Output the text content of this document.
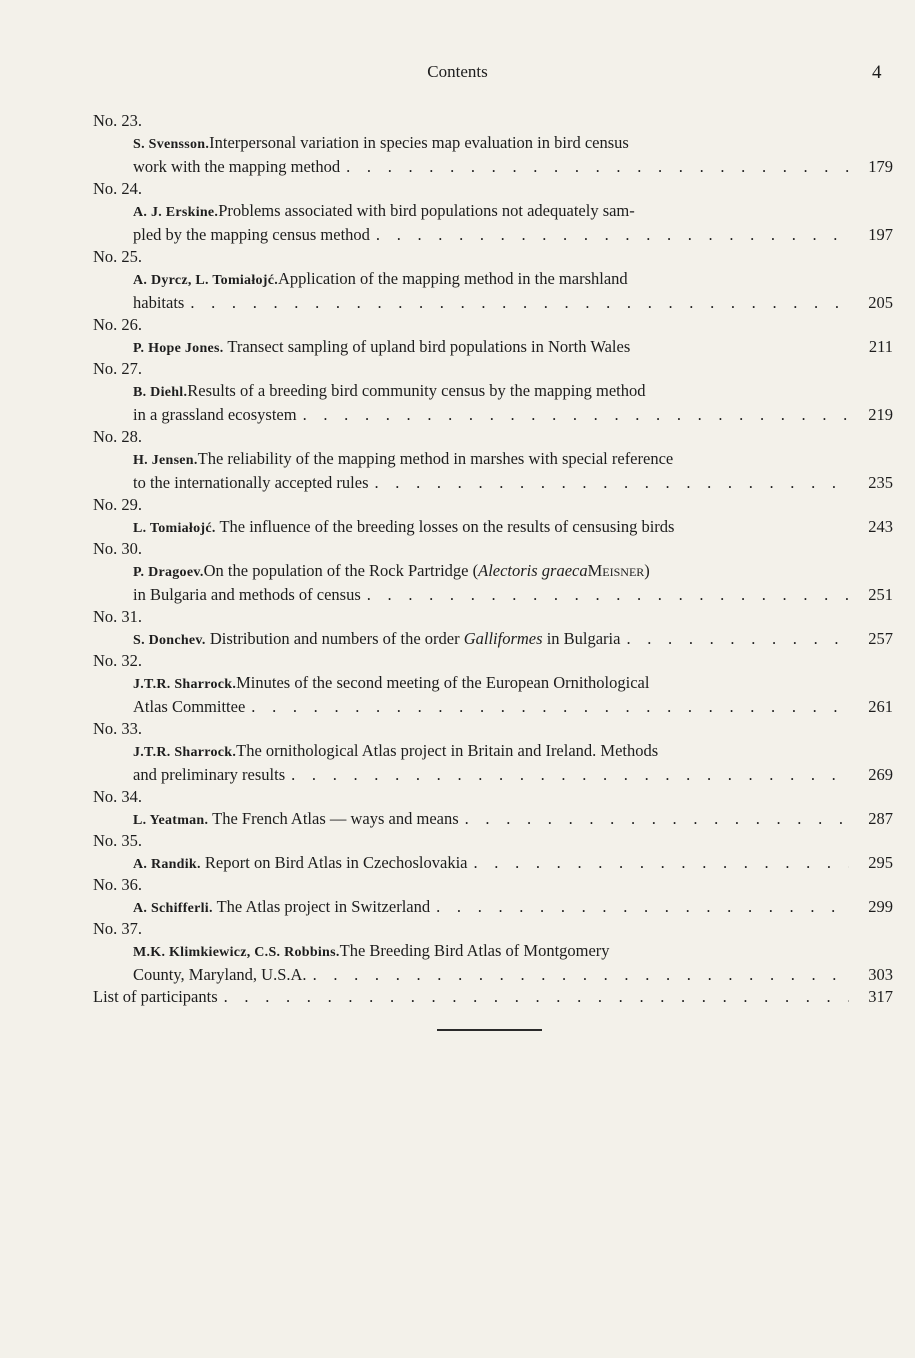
Contents	4
No. 23.
S. Svensson. Interpersonal variation in species map evaluation in bird census
work with the mapping method . . .	179
No. 24.
A. J. Erskine. Problems associated with bird populations not adequately sam-
pled by the mapping census method . . .	197
No. 25.
A. Dyrcz, L. Tomiałojć. Application of the mapping method in the marshland
habitats . . .	205
No. 26.
P. Hope Jones. Transect sampling of upland bird populations in North Wales	211
No. 27.
B. Diehl. Results of a breeding bird community census by the mapping method
in a grassland ecosystem . . .	219
No. 28.
H. Jensen. The reliability of the mapping method in marshes with special reference
to the internationally accepted rules . . .	235
No. 29.
L. Tomiałojć. The influence of the breeding losses on the results of censusing birds	243
No. 30.
P. Dragoev. On the population of the Rock Partridge ( Alectoris graeca Meisner )
in Bulgaria and methods of census . . .	251
No. 31.
S. Donchev. Distribution and numbers of the order Galliformes in Bulgaria . . .	257
No. 32.
J.T.R. Sharrock. Minutes of the second meeting of the European Ornithological
Atlas Committee . . .	261
No. 33.
J.T.R. Sharrock. The ornithological Atlas project in Britain and Ireland. Methods
and preliminary results . . .	269
No. 34.
L. Yeatman. The French Atlas — ways and means . . .	287
No. 35.
A. Randik. Report on Bird Atlas in Czechoslovakia . . .	295
No. 36.
A. Schifferli. The Atlas project in Switzerland . . .	299
No. 37.
M.K. Klimkiewicz, C.S. Robbins. The Breeding Bird Atlas of Montgomery
County, Maryland, U.S.A. . . .	303
List of participants . . .	317
